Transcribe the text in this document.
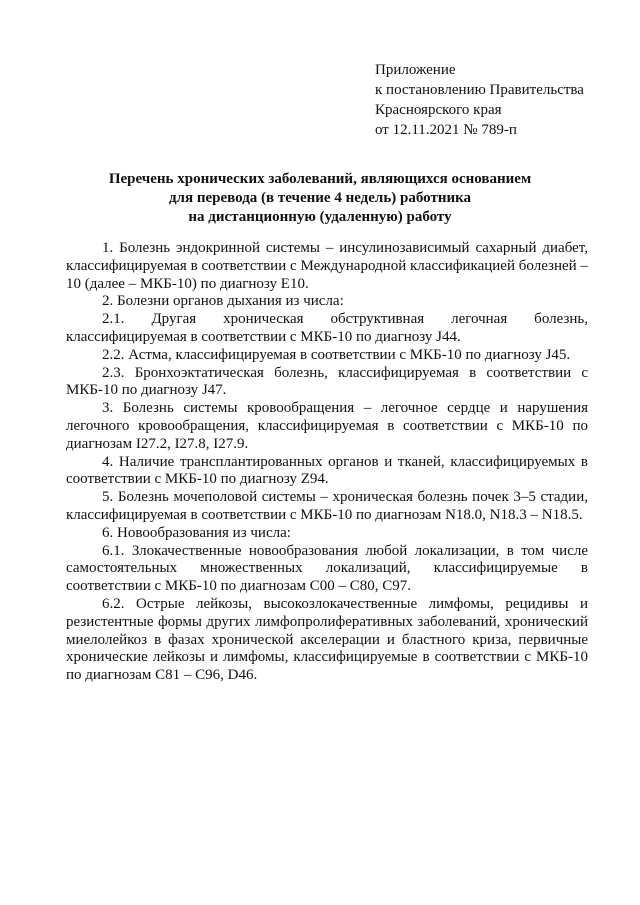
Приложение
к постановлению Правительства
Красноярского края
от 12.11.2021 № 789-п
Перечень хронических заболеваний, являющихся основанием
для перевода (в течение 4 недель) работника
на дистанционную (удаленную) работу

1. Болезнь эндокринной системы – инсулинозависимый сахарный диабет, классифицируемая в соответствии с Международной классификацией болезней – 10 (далее – МКБ-10) по диагнозу Е10.

2. Болезни органов дыхания из числа:

2.1. Другая хроническая обструктивная легочная болезнь, классифицируемая в соответствии с МКБ-10 по диагнозу J44.

2.2. Астма, классифицируемая в соответствии с МКБ-10 по диагнозу J45.

2.3. Бронхоэктатическая болезнь, классифицируемая в соответствии с МКБ-10 по диагнозу J47.

3. Болезнь системы кровообращения – легочное сердце и нарушения легочного кровообращения, классифицируемая в соответствии с МКБ-10 по диагнозам I27.2, I27.8, I27.9.

4. Наличие трансплантированных органов и тканей, классифицируемых в соответствии с МКБ-10 по диагнозу Z94.

5. Болезнь мочеполовой системы – хроническая болезнь почек 3–5 стадии, классифицируемая в соответствии с МКБ-10 по диагнозам N18.0, N18.3 – N18.5.

6. Новообразования из числа:

6.1. Злокачественные новообразования любой локализации, в том числе самостоятельных множественных локализаций, классифицируемые в соответствии с МКБ-10 по диагнозам С00 – С80, С97.

6.2. Острые лейкозы, высокозлокачественные лимфомы, рецидивы и резистентные формы других лимфопролиферативных заболеваний, хронический миелолейкоз в фазах хронической акселерации и бластного криза, первичные хронические лейкозы и лимфомы, классифицируемые в соответствии с МКБ-10 по диагнозам С81 – С96, D46.
